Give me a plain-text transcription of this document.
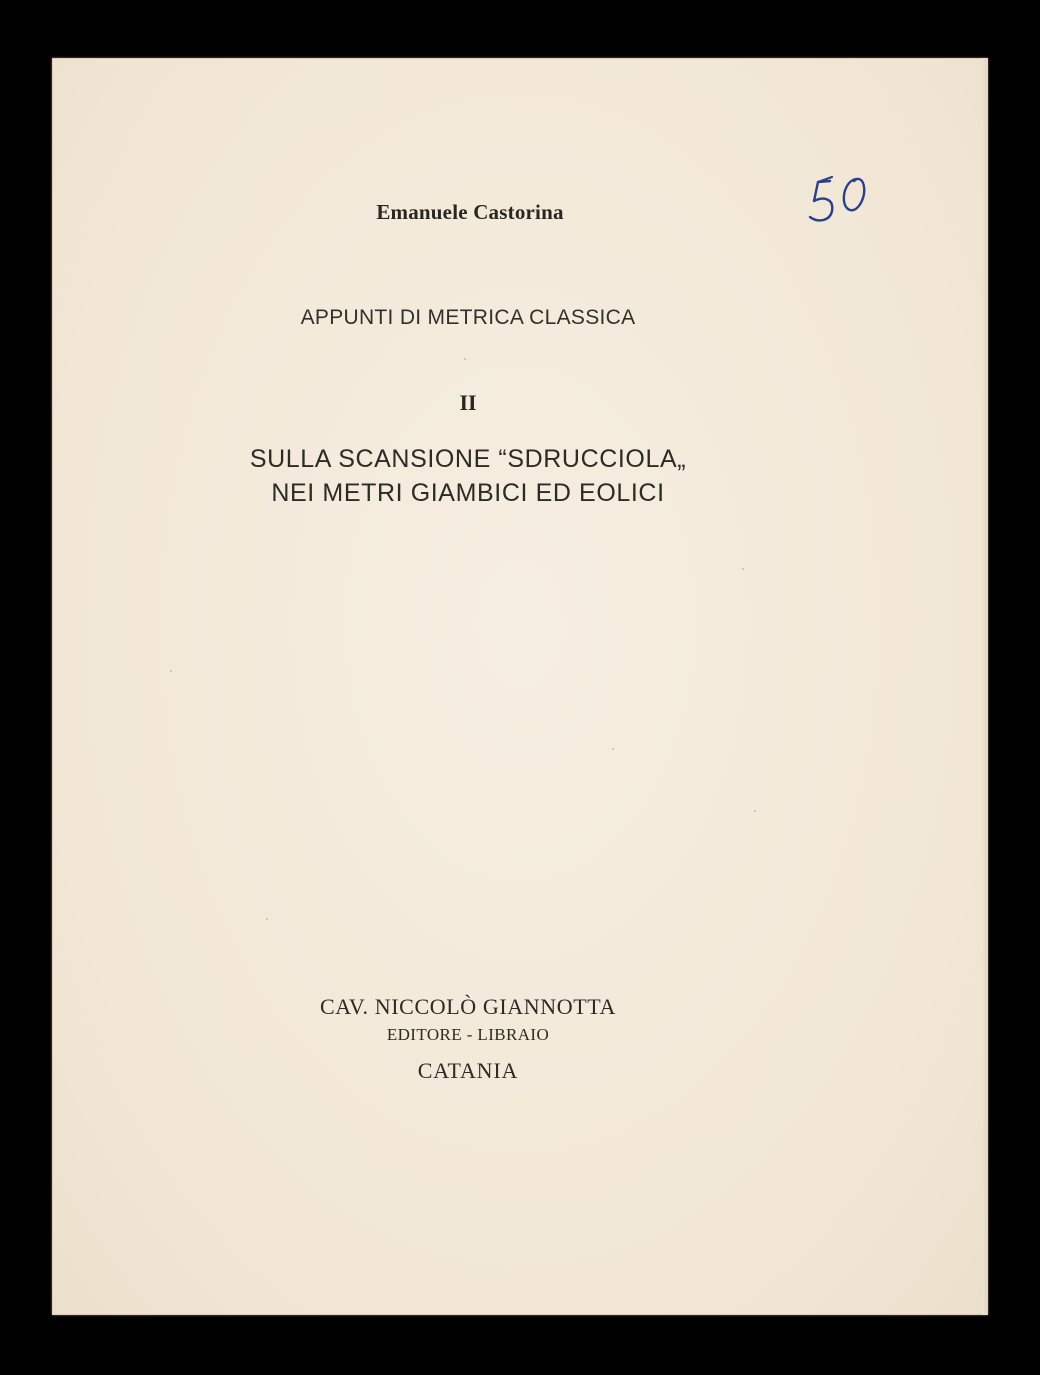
Emanuele Castorina
APPUNTI DI METRICA CLASSICA
II
SULLA SCANSIONE “SDRUCCIOLA„
NEI METRI GIAMBICI ED EOLICI
CAV. NICCOLÒ GIANNOTTA
EDITORE - LIBRAIO
CATANIA
